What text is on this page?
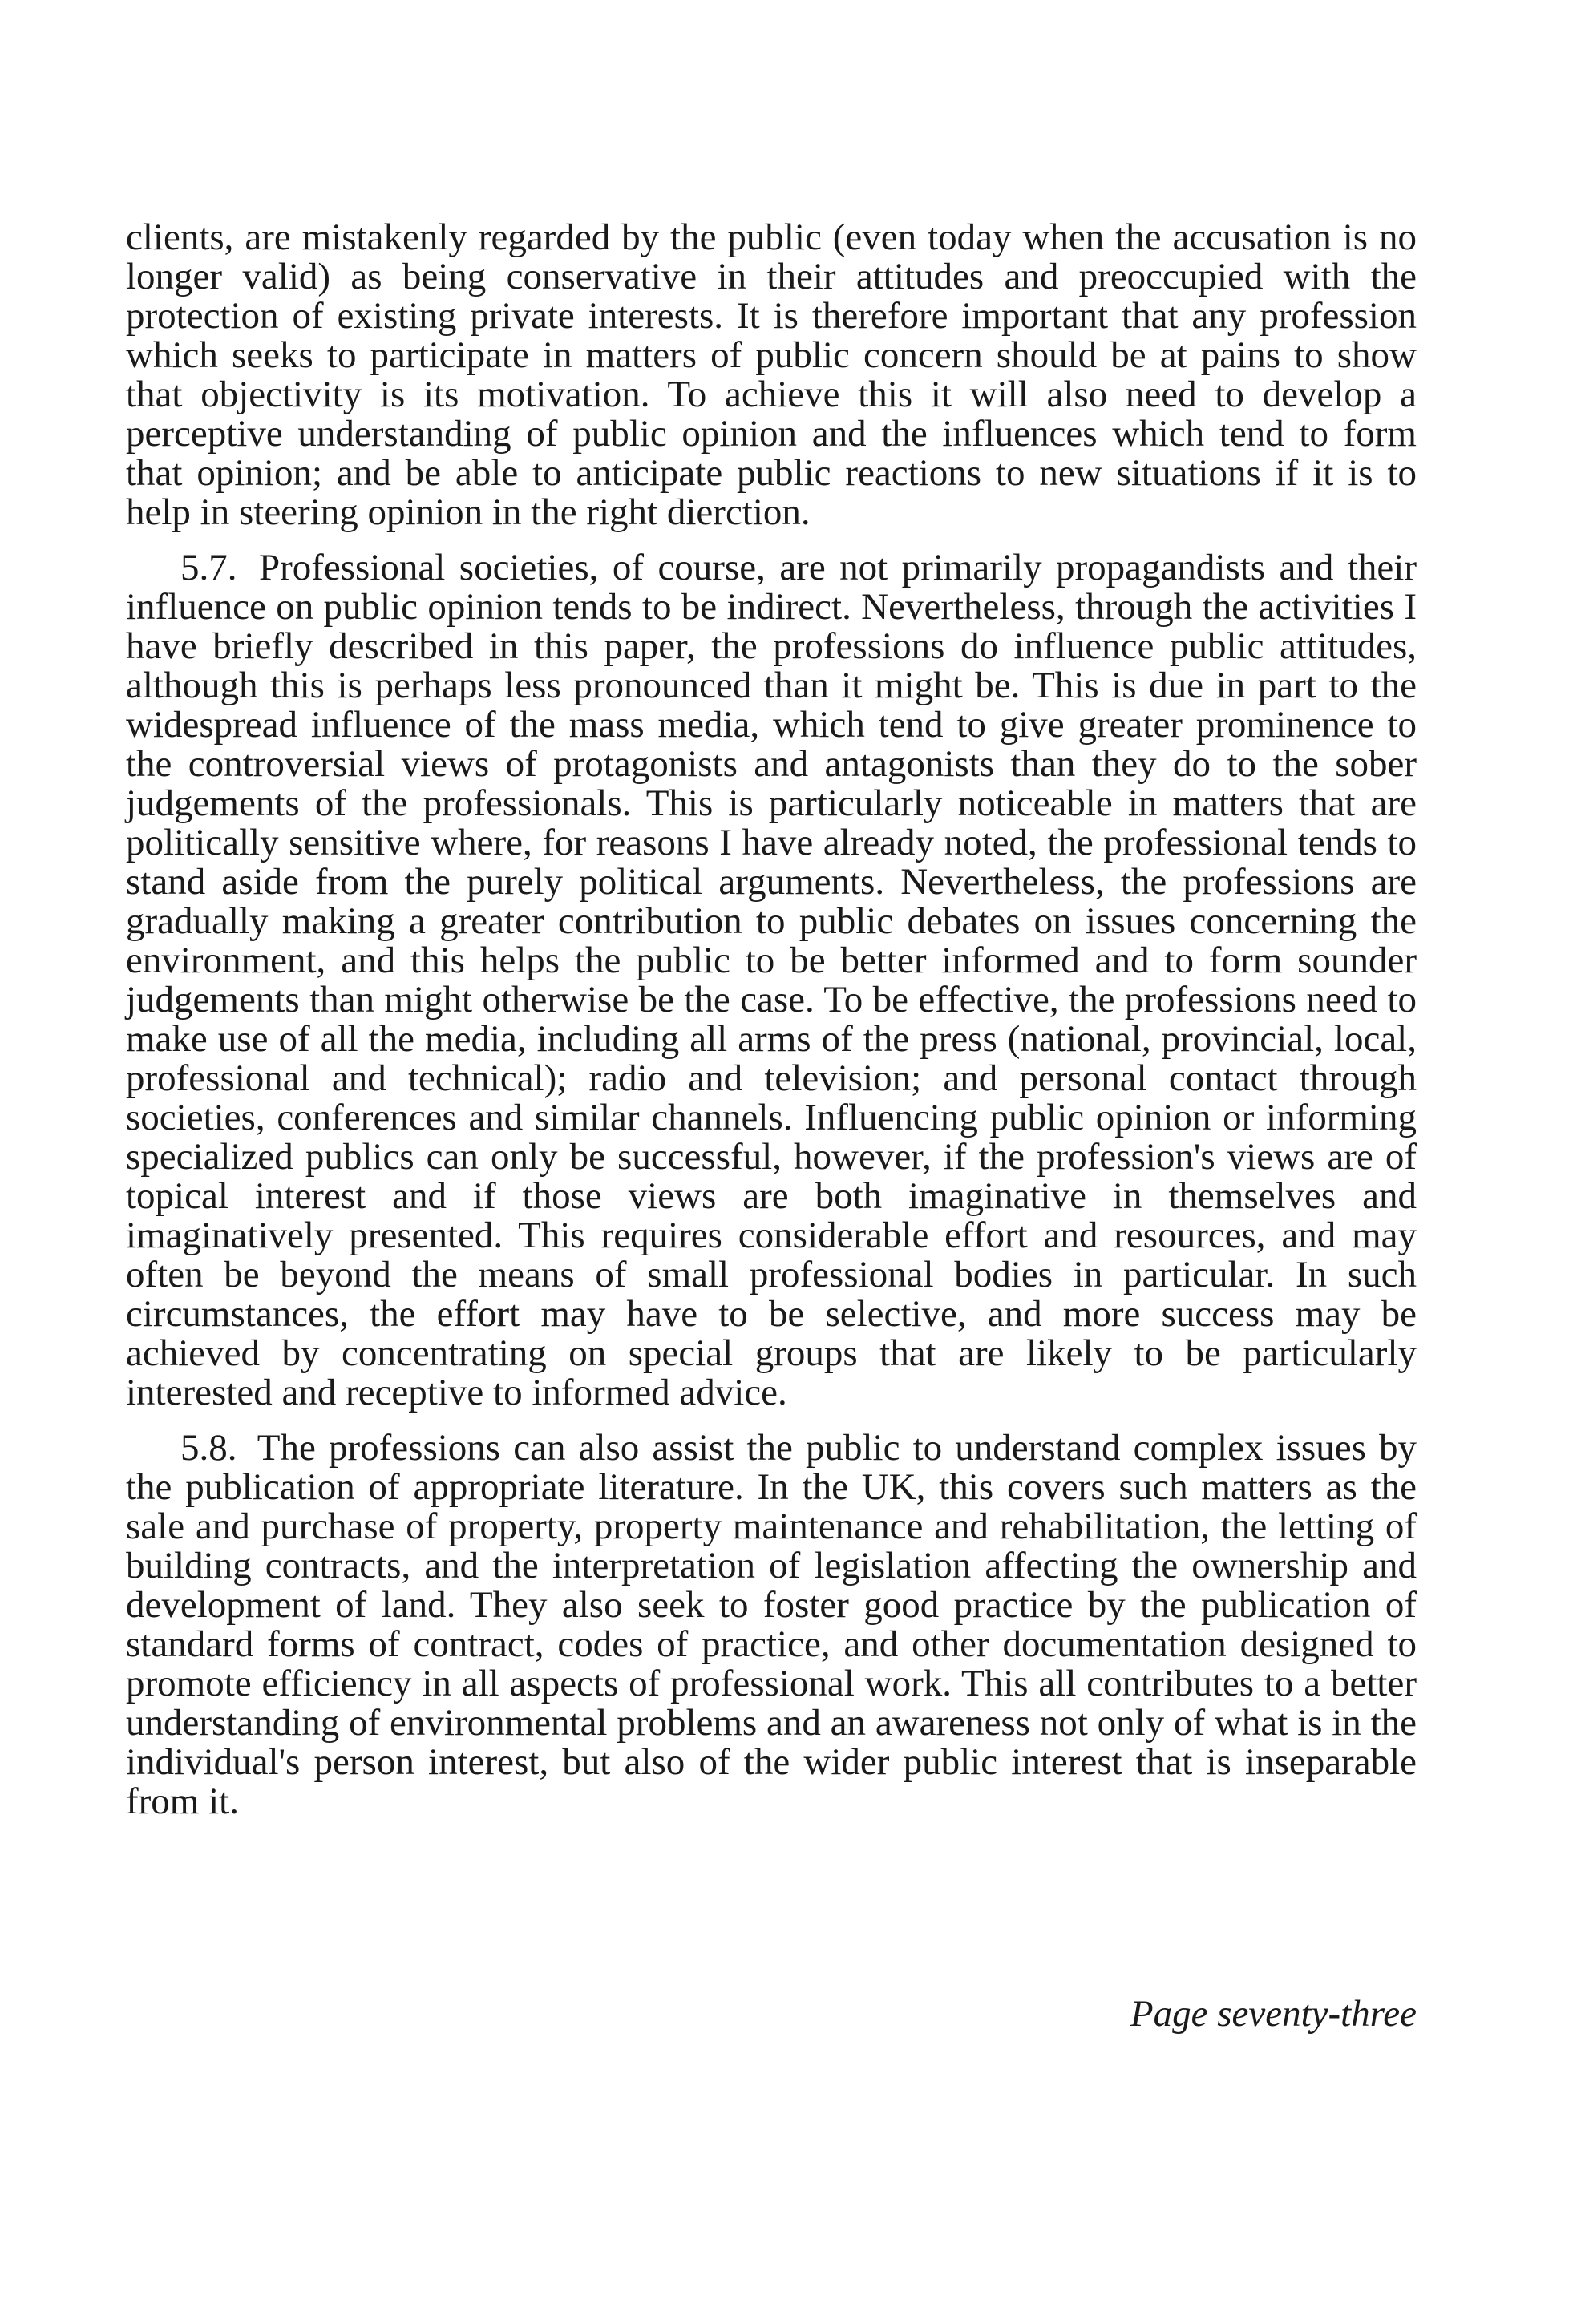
clients, are mistakenly regarded by the public (even today when the accusation is no longer valid) as being conservative in their attitudes and preoccupied with the protection of existing private interests. It is therefore important that any profession which seeks to participate in matters of public concern should be at pains to show that objectivity is its motivation. To achieve this it will also need to develop a perceptive understanding of public opinion and the influences which tend to form that opinion; and be able to anticipate public reactions to new situations if it is to help in steering opinion in the right dierction.

5.7. Professional societies, of course, are not primarily propagandists and their influence on public opinion tends to be indirect. Nevertheless, through the activities I have briefly described in this paper, the professions do influence public attitudes, although this is perhaps less pronounced than it might be. This is due in part to the widespread influence of the mass media, which tend to give greater prominence to the controversial views of protagonists and antagonists than they do to the sober judgements of the professionals. This is particularly noticeable in matters that are politically sensitive where, for reasons I have already noted, the professional tends to stand aside from the purely political arguments. Nevertheless, the professions are gradually making a greater contribution to public debates on issues concerning the environment, and this helps the public to be better informed and to form sounder judgements than might otherwise be the case. To be effective, the professions need to make use of all the media, including all arms of the press (national, provincial, local, professional and technical); radio and television; and personal contact through societies, conferences and similar channels. Influencing public opinion or informing specialized publics can only be successful, however, if the profession's views are of topical interest and if those views are both imaginative in themselves and imaginatively presented. This requires considerable effort and resources, and may often be beyond the means of small professional bodies in particular. In such circumstances, the effort may have to be selective, and more success may be achieved by concentrating on special groups that are likely to be particularly interested and receptive to informed advice.

5.8. The professions can also assist the public to understand complex issues by the publication of appropriate literature. In the UK, this covers such matters as the sale and purchase of property, property maintenance and rehabilitation, the letting of building contracts, and the interpretation of legislation affecting the ownership and development of land. They also seek to foster good practice by the publication of standard forms of contract, codes of practice, and other documentation designed to promote efficiency in all aspects of professional work. This all contributes to a better understanding of environmental problems and an awareness not only of what is in the individual's person interest, but also of the wider public interest that is inseparable from it.

Page seventy-three
